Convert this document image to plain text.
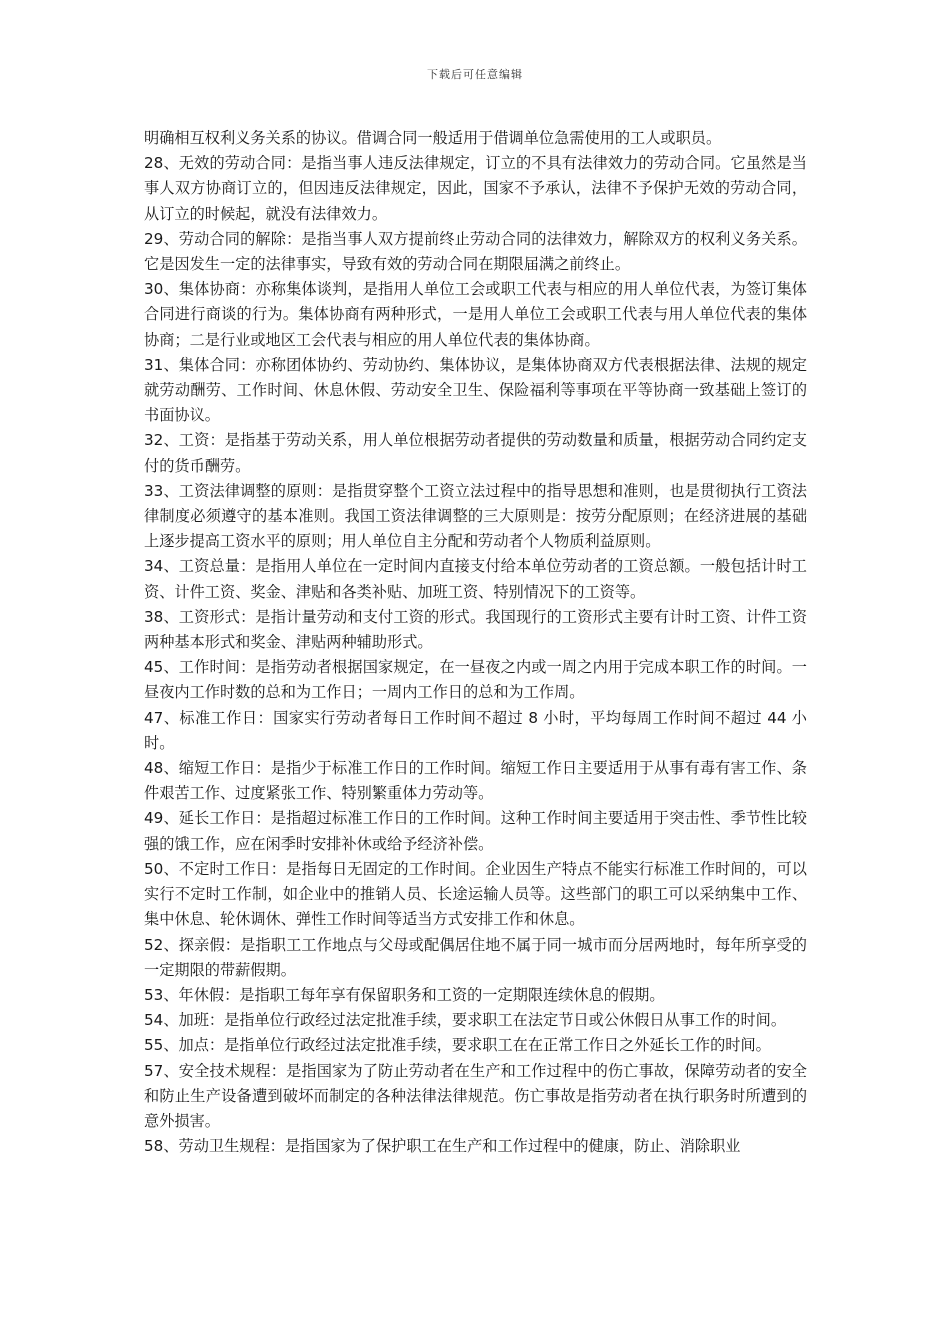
下载后可任意编辑

明确相互权利义务关系的协议。借调合同一般适用于借调单位急需使用的工人或职员。

28、无效的劳动合同：是指当事人违反法律规定，订立的不具有法律效力的劳动合同。它虽然是当事人双方协商订立的，但因违反法律规定，因此，国家不予承认，法律不予保护无效的劳动合同，从订立的时候起，就没有法律效力。

29、劳动合同的解除：是指当事人双方提前终止劳动合同的法律效力，解除双方的权利义务关系。它是因发生一定的法律事实，导致有效的劳动合同在期限届满之前终止。

30、集体协商：亦称集体谈判，是指用人单位工会或职工代表与相应的用人单位代表，为签订集体合同进行商谈的行为。集体协商有两种形式，一是用人单位工会或职工代表与用人单位代表的集体协商；二是行业或地区工会代表与相应的用人单位代表的集体协商。

31、集体合同：亦称团体协约、劳动协约、集体协议，是集体协商双方代表根据法律、法规的规定就劳动酬劳、工作时间、休息休假、劳动安全卫生、保险福利等事项在平等协商一致基础上签订的书面协议。

32、工资：是指基于劳动关系，用人单位根据劳动者提供的劳动数量和质量，根据劳动合同约定支付的货币酬劳。

33、工资法律调整的原则：是指贯穿整个工资立法过程中的指导思想和准则，也是贯彻执行工资法律制度必须遵守的基本准则。我国工资法律调整的三大原则是：按劳分配原则；在经济进展的基础上逐步提高工资水平的原则；用人单位自主分配和劳动者个人物质利益原则。

34、工资总量：是指用人单位在一定时间内直接支付给本单位劳动者的工资总额。一般包括计时工资、计件工资、奖金、津贴和各类补贴、加班工资、特别情况下的工资等。

38、工资形式：是指计量劳动和支付工资的形式。我国现行的工资形式主要有计时工资、计件工资两种基本形式和奖金、津贴两种辅助形式。

45、工作时间：是指劳动者根据国家规定，在一昼夜之内或一周之内用于完成本职工作的时间。一昼夜内工作时数的总和为工作日；一周内工作日的总和为工作周。

47、标准工作日：国家实行劳动者每日工作时间不超过 8 小时，平均每周工作时间不超过 44 小时。

48、缩短工作日：是指少于标准工作日的工作时间。缩短工作日主要适用于从事有毒有害工作、条件艰苦工作、过度紧张工作、特别繁重体力劳动等。

49、延长工作日：是指超过标准工作日的工作时间。这种工作时间主要适用于突击性、季节性比较强的饿工作，应在闲季时安排补休或给予经济补偿。

50、不定时工作日：是指每日无固定的工作时间。企业因生产特点不能实行标准工作时间的，可以实行不定时工作制，如企业中的推销人员、长途运输人员等。这些部门的职工可以采纳集中工作、集中休息、轮休调休、弹性工作时间等适当方式安排工作和休息。

52、探亲假：是指职工工作地点与父母或配偶居住地不属于同一城市而分居两地时，每年所享受的一定期限的带薪假期。

53、年休假：是指职工每年享有保留职务和工资的一定期限连续休息的假期。

54、加班：是指单位行政经过法定批准手续，要求职工在法定节日或公休假日从事工作的时间。

55、加点：是指单位行政经过法定批准手续，要求职工在在正常工作日之外延长工作的时间。

57、安全技术规程：是指国家为了防止劳动者在生产和工作过程中的伤亡事故，保障劳动者的安全和防止生产设备遭到破坏而制定的各种法律法律规范。伤亡事故是指劳动者在执行职务时所遭到的意外损害。

58、劳动卫生规程：是指国家为了保护职工在生产和工作过程中的健康，防止、消除职业
